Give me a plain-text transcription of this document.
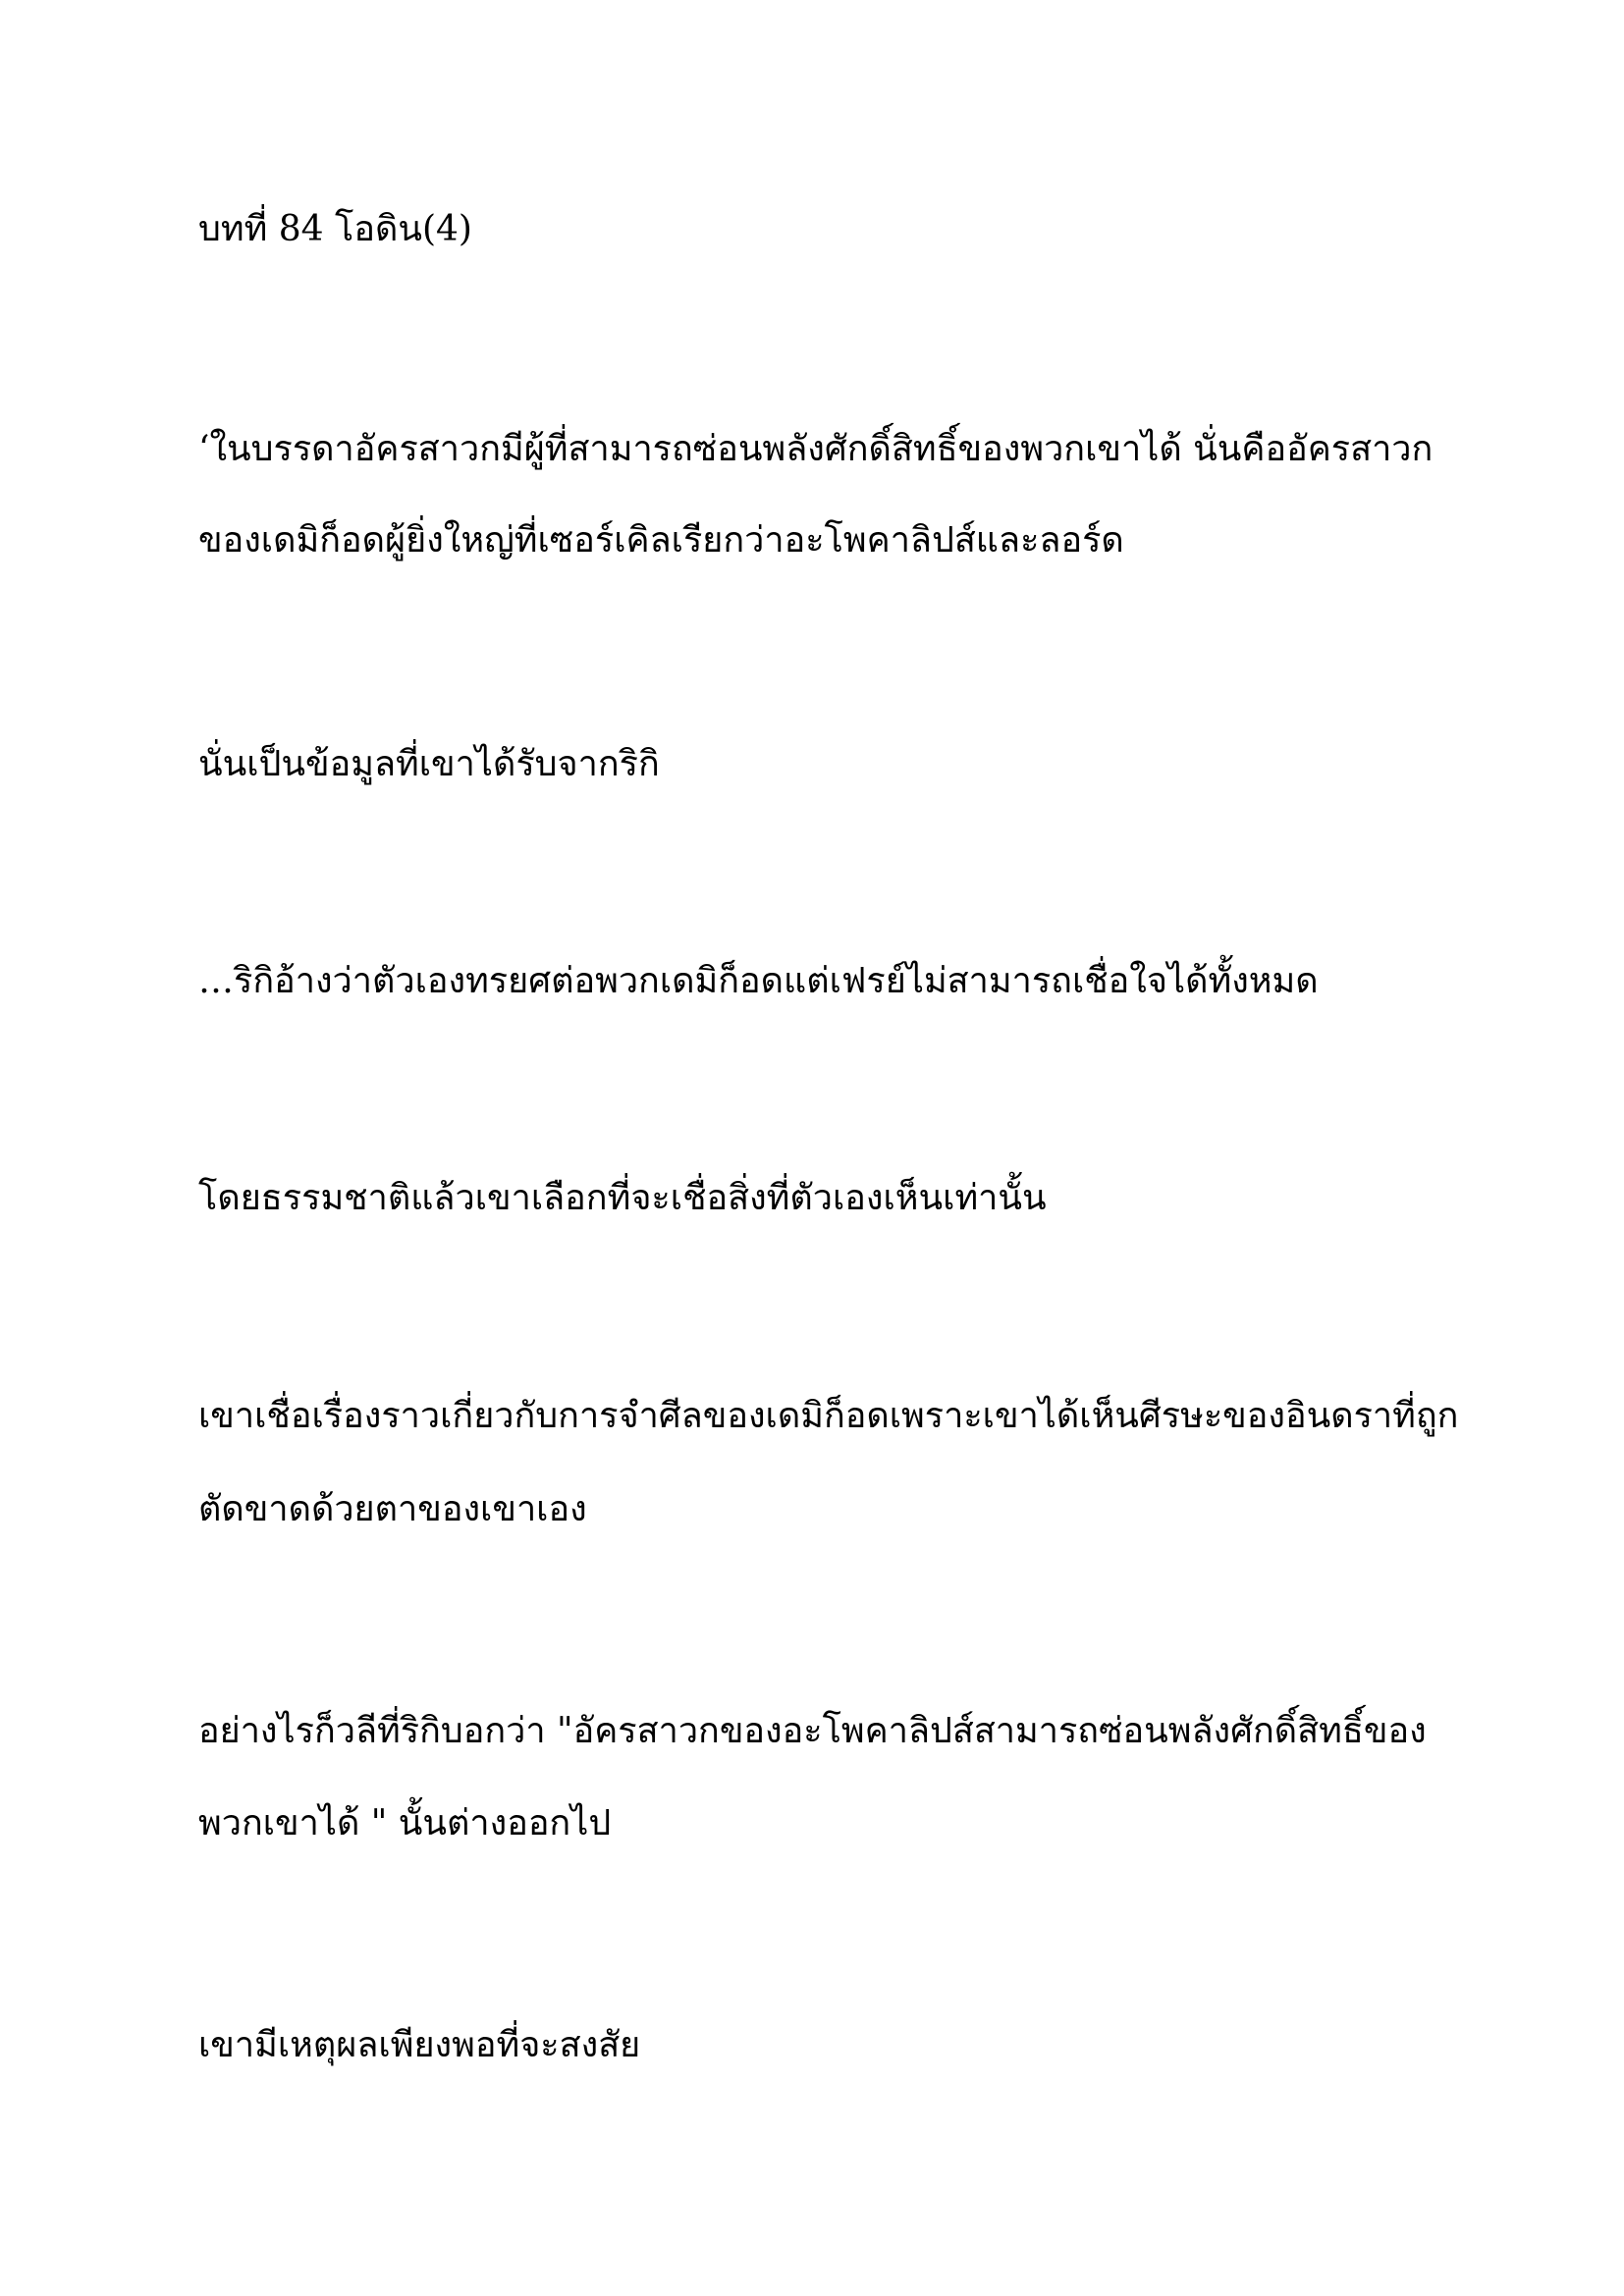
บทที่ 84 โอดิน(4)
‘ในบรรดาอัครสาวกมีผู้ที่สามารถซ่อนพลังศักดิ์สิทธิ์ของพวกเขาได้ นั่นคืออัครสาวก
ของเดมิก็อดผู้ยิ่งใหญ่ที่เซอร์เคิลเรียกว่าอะโพคาลิปส์และลอร์ด
นั่นเป็นข้อมูลที่เขาได้รับจากริกิ
…ริกิอ้างว่าตัวเองทรยศต่อพวกเดมิก็อดแต่เฟรย์ไม่สามารถเชื่อใจได้ทั้งหมด
โดยธรรมชาติแล้วเขาเลือกที่จะเชื่อสิ่งที่ตัวเองเห็นเท่านั้น
เขาเชื่อเรื่องราวเกี่ยวกับการจำศีลของเดมิก็อดเพราะเขาได้เห็นศีรษะของอินดราที่ถูก
ตัดขาดด้วยตาของเขาเอง
อย่างไรก็วลีที่ริกิบอกว่า "อัครสาวกของอะโพคาลิปส์สามารถซ่อนพลังศักดิ์สิทธิ์ของ
พวกเขาได้ " นั้นต่างออกไป
เขามีเหตุผลเพียงพอที่จะสงสัย
